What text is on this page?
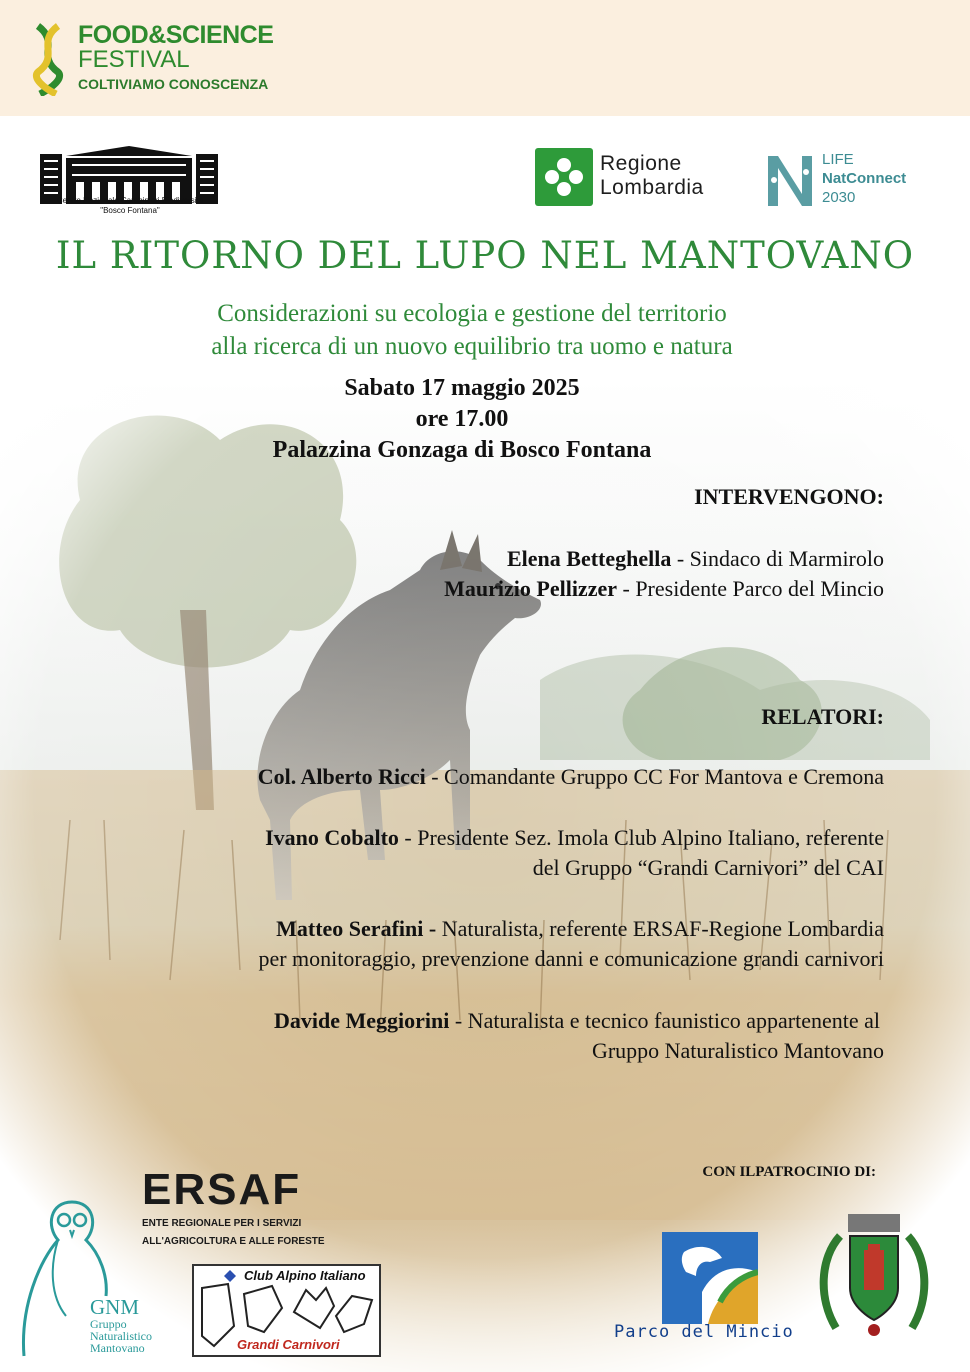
FOOD&SCIENCE
FESTIVAL
COLTIVIAMO CONOSCENZA
Centro Nazionale Carabinieri Biodiversità
"Bosco Fontana"
Regione
Lombardia
LIFE
NatConnect
2030
IL RITORNO DEL LUPO NEL MANTOVANO
Considerazioni su ecologia e gestione del territorio
alla ricerca di un nuovo equilibrio tra uomo e natura
Sabato 17 maggio 2025
ore 17.00
Palazzina Gonzaga di Bosco Fontana
INTERVENGONO:
Elena Betteghella - Sindaco di Marmirolo
Maurizio Pellizzer - Presidente Parco del Mincio
RELATORI:
Col. Alberto Ricci - Comandante Gruppo CC For Mantova e Cremona
Ivano Cobalto - Presidente Sez. Imola Club Alpino Italiano, referente
del Gruppo “Grandi Carnivori” del CAI
Matteo Serafini - Naturalista, referente ERSAF-Regione Lombardia
per monitoraggio, prevenzione danni e comunicazione grandi carnivori
Davide Meggiorini - Naturalista e tecnico faunistico appartenente al
Gruppo Naturalistico Mantovano
GNM
Gruppo
Naturalistico
Mantovano
ERSAF
ENTE REGIONALE PER I SERVIZI
ALL'AGRICOLTURA E ALLE FORESTE
Club Alpino Italiano
Grandi Carnivori
CON ILPATROCINIO DI:
Parco del Mincio
